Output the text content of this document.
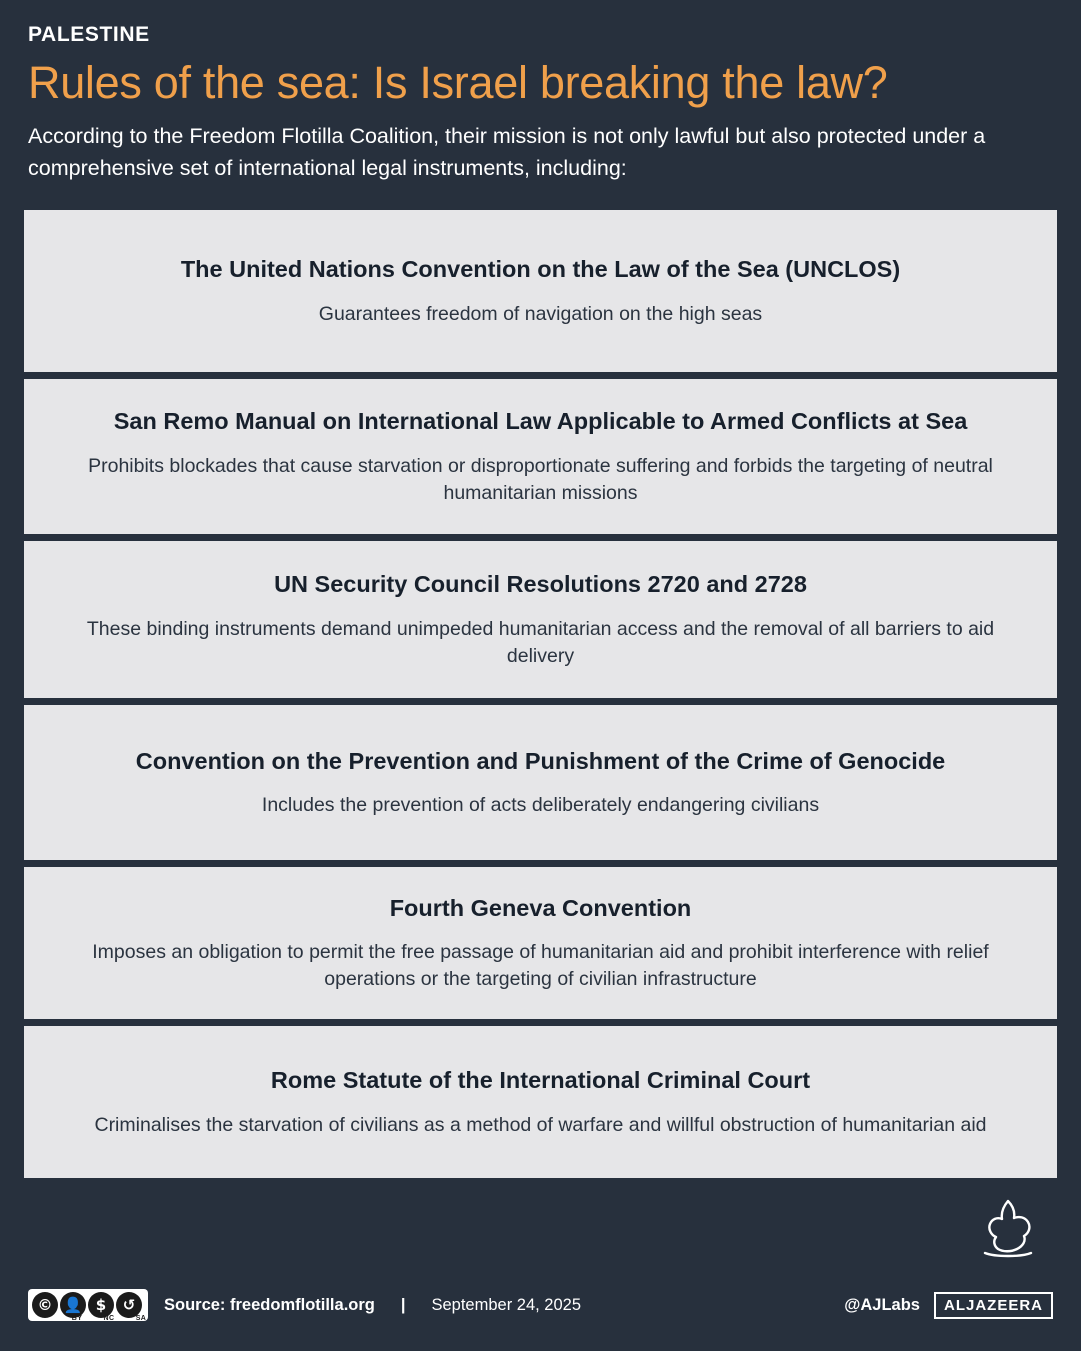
PALESTINE
Rules of the sea: Is Israel breaking the law?

According to the Freedom Flotilla Coalition, their mission is not only lawful but also protected under a comprehensive set of international legal instruments, including:

The United Nations Convention on the Law of the Sea (UNCLOS)
Guarantees freedom of navigation on the high seas
San Remo Manual on International Law Applicable to Armed Conflicts at Sea
Prohibits blockades that cause starvation or disproportionate suffering and forbids the targeting of neutral humanitarian missions
UN Security Council Resolutions 2720 and 2728
These binding instruments demand unimpeded humanitarian access and the removal of all barriers to aid delivery
Convention on the Prevention and Punishment of the Crime of Genocide
Includes the prevention of acts deliberately endangering civilians
Fourth Geneva Convention
Imposes an obligation to permit the free passage of humanitarian aid and prohibit interference with relief operations or the targeting of civilian infrastructure
Rome Statute of the International Criminal Court
Criminalises the starvation of civilians as a method of warfare and willful obstruction of humanitarian aid
© 👤 $	↺
BY	NC	SA
Source: freedomflotilla.org | September 24, 2025	@AJLabs	ALJAZEERA
